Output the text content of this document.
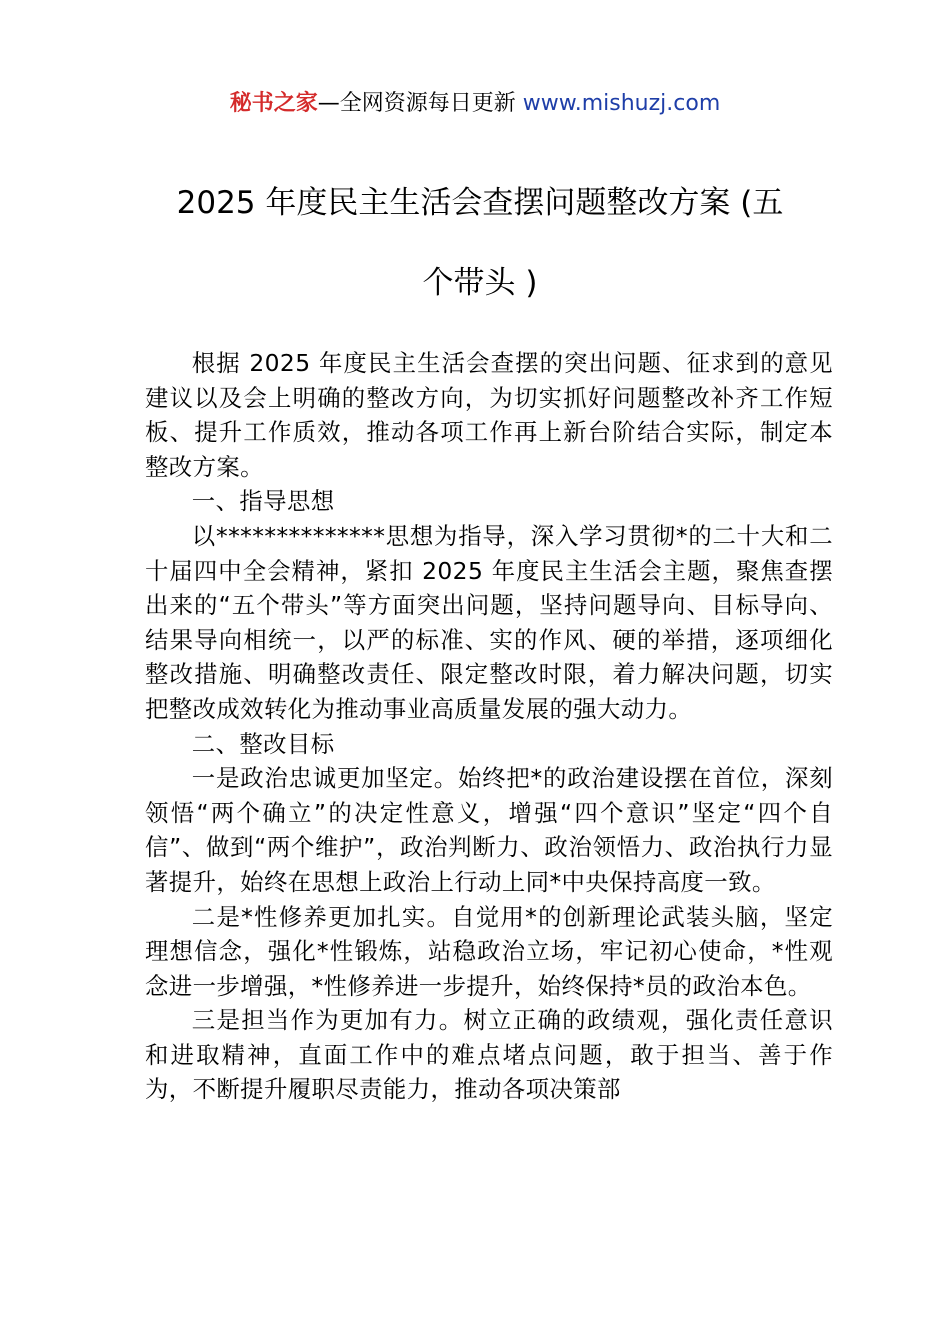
秘书之家—全网资源每日更新 www.mishuzj.com
2025 年度民主生活会查摆问题整改方案 (五
个带头 )

根据 2025 年度民主生活会查摆的突出问题、征求到的意见建议以及会上明确的整改方向，为切实抓好问题整改补齐工作短板、提升工作质效，推动各项工作再上新台阶结合实际，制定本整改方案。

一、指导思想

以**************思想为指导，深入学习贯彻*的二十大和二十届四中全会精神，紧扣 2025 年度民主生活会主题，聚焦查摆出来的“五个带头”等方面突出问题，坚持问题导向、目标导向、结果导向相统一，以严的标准、实的作风、硬的举措，逐项细化整改措施、明确整改责任、限定整改时限，着力解决问题，切实把整改成效转化为推动事业高质量发展的强大动力。

二、整改目标

一是政治忠诚更加坚定。始终把*的政治建设摆在首位，深刻领悟“两个确立”的决定性意义，增强“四个意识”坚定“四个自信”、做到“两个维护”，政治判断力、政治领悟力、政治执行力显著提升，始终在思想上政治上行动上同*中央保持高度一致。

二是*性修养更加扎实。自觉用*的创新理论武装头脑，坚定理想信念，强化*性锻炼，站稳政治立场，牢记初心使命，*性观念进一步增强，*性修养进一步提升，始终保持*员的政治本色。

三是担当作为更加有力。树立正确的政绩观，强化责任意识和进取精神，直面工作中的难点堵点问题，敢于担当、善于作为，不断提升履职尽责能力，推动各项决策部
